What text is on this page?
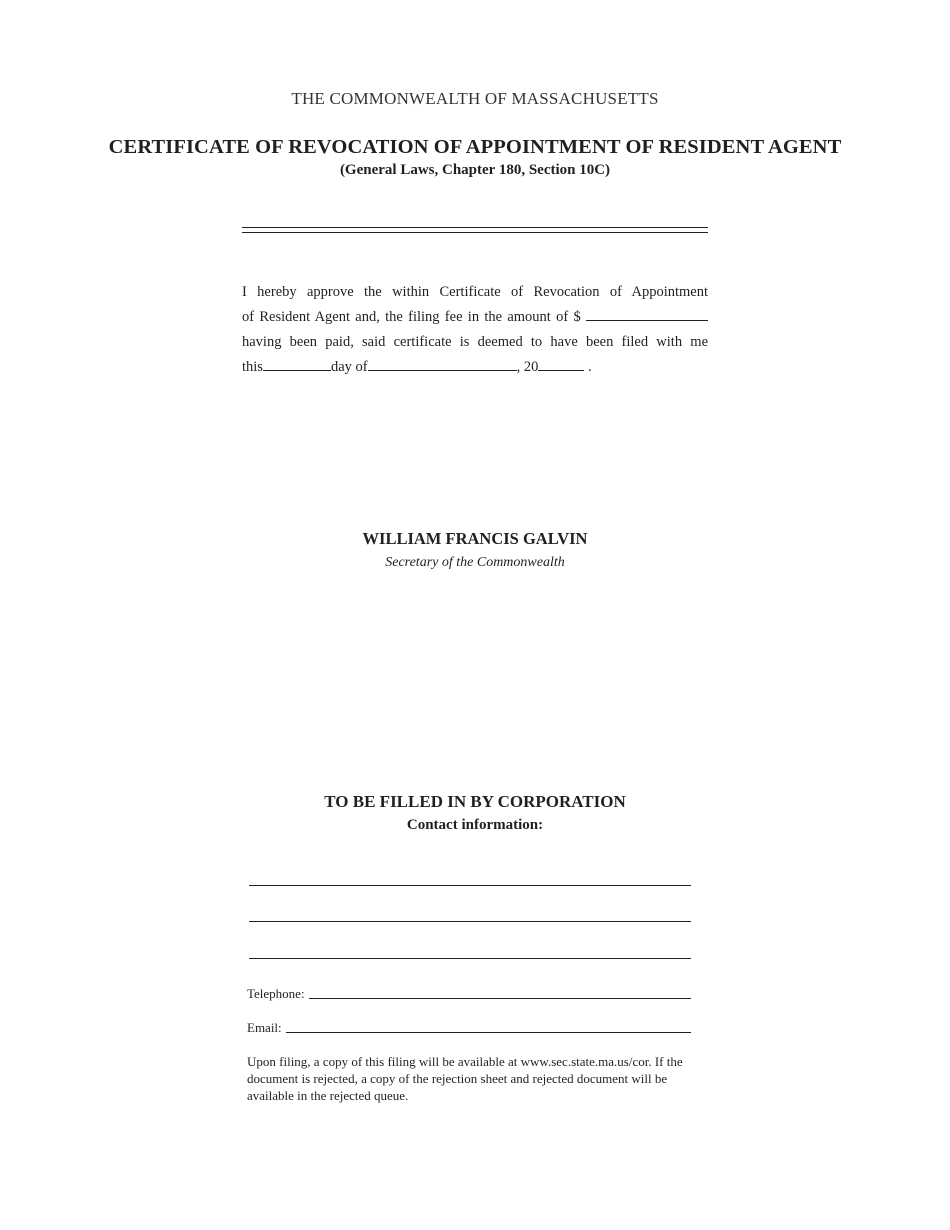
THE COMMONWEALTH OF MASSACHUSETTS
CERTIFICATE OF REVOCATION OF APPOINTMENT OF RESIDENT AGENT
(General Laws, Chapter 180, Section 10C)
I hereby approve the within Certificate of Revocation of Appointment
of Resident Agent and, the filing fee in the amount of $
having been paid, said certificate is deemed to have been filed with me
this	day of	, 20	.
WILLIAM FRANCIS GALVIN
Secretary of the Commonwealth
TO BE FILLED IN BY CORPORATION
Contact information:
Telephone:
Email:
Upon filing, a copy of this filing will be available at www.sec.state.ma.us/cor. If the document is rejected, a copy of the rejection sheet and rejected document will be available in the rejected queue.
